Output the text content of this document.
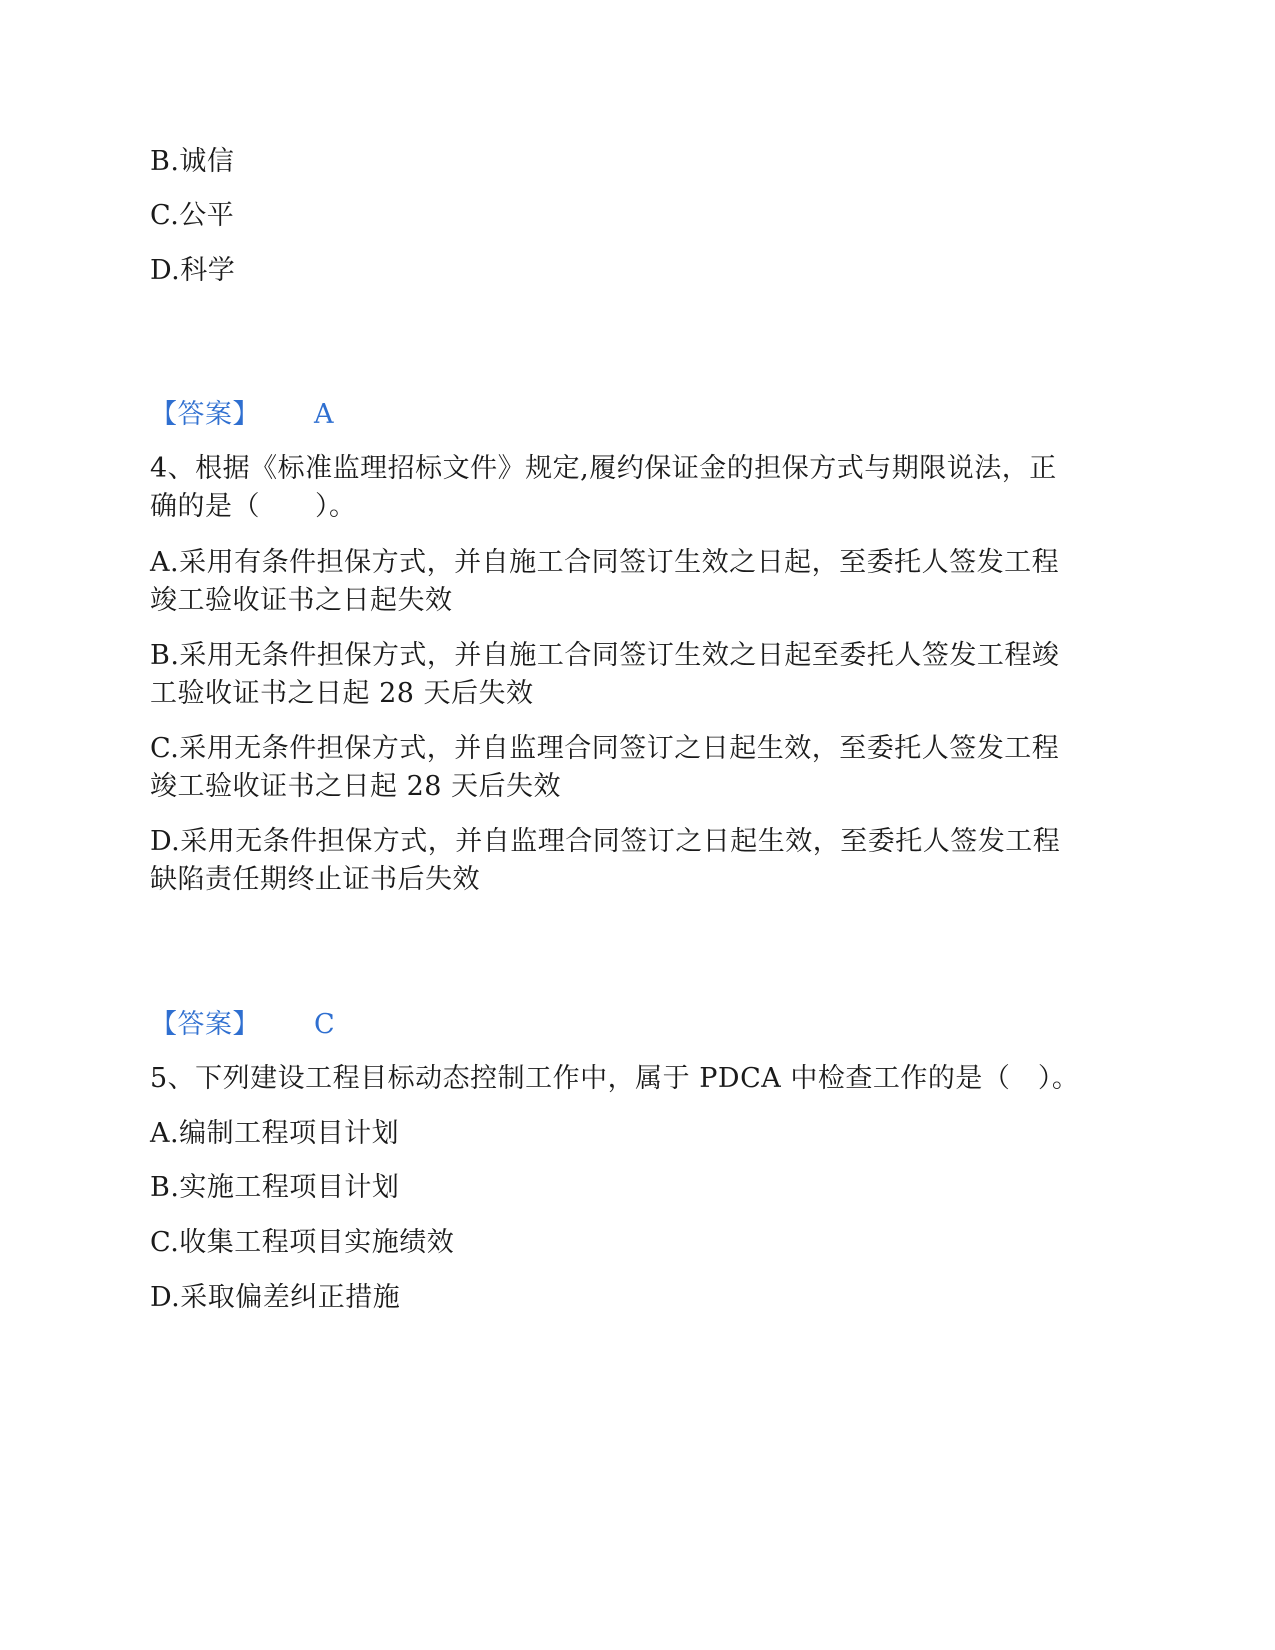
B.诚信
C.公平
D.科学
【答案】 A
4、根据《标准监理招标文件》规定,履约保证金的担保方式与期限说法，正
确的是（　　）。
A.采用有条件担保方式，并自施工合同签订生效之日起，至委托人签发工程
竣工验收证书之日起失效
B.采用无条件担保方式，并自施工合同签订生效之日起至委托人签发工程竣
工验收证书之日起 28 天后失效
C.采用无条件担保方式，并自监理合同签订之日起生效，至委托人签发工程
竣工验收证书之日起 28 天后失效
D.采用无条件担保方式，并自监理合同签订之日起生效，至委托人签发工程
缺陷责任期终止证书后失效
【答案】 C
5、下列建设工程目标动态控制工作中，属于 PDCA 中检查工作的是（　）。
A.编制工程项目计划
B.实施工程项目计划
C.收集工程项目实施绩效
D.采取偏差纠正措施
